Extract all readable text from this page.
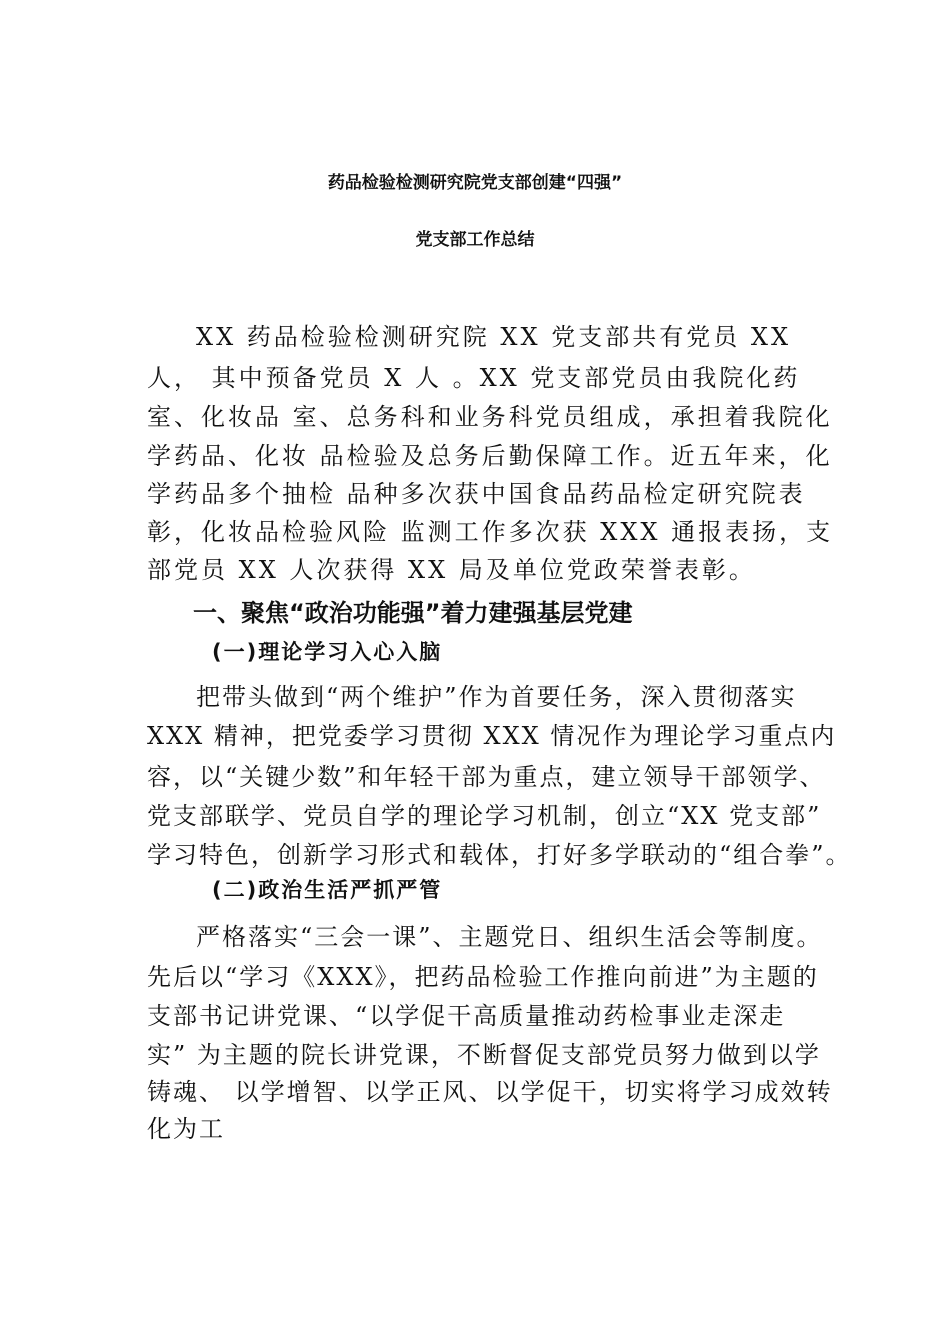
药品检验检测研究院党支部创建“四强”
党支部工作总结
XX 药品检验检测研究院 XX 党支部共有党员 XX
人， 其中预备党员 X 人 。XX 党支部党员由我院化药
室、化妆品 室、总务科和业务科党员组成，承担着我院化
学药品、化妆 品检验及总务后勤保障工作。近五年来，化
学药品多个抽检 品种多次获中国食品药品检定研究院表
彰，化妆品检验风险 监测工作多次获 XXX 通报表扬，支
部党员 XX 人次获得 XX 局及单位党政荣誉表彰。
一、聚焦“政治功能强”着力建强基层党建
(一)理论学习入心入脑
把带头做到“两个维护”作为首要任务，深入贯彻落实
XXX 精神，把党委学习贯彻 XXX 情况作为理论学习重点内
容，以“关键少数”和年轻干部为重点，建立领导干部领学、
党支部联学、党员自学的理论学习机制，创立“XX 党支部”
学习特色，创新学习形式和载体，打好多学联动的“组合拳”。
(二)政治生活严抓严管
严格落实“三会一课”、主题党日、组织生活会等制度。
先后以“学习《XXX》，把药品检验工作推向前进”为主题的
支部书记讲党课、“以学促干高质量推动药检事业走深走
实” 为主题的院长讲党课，不断督促支部党员努力做到以学
铸魂、 以学增智、以学正风、以学促干，切实将学习成效转
化为工
